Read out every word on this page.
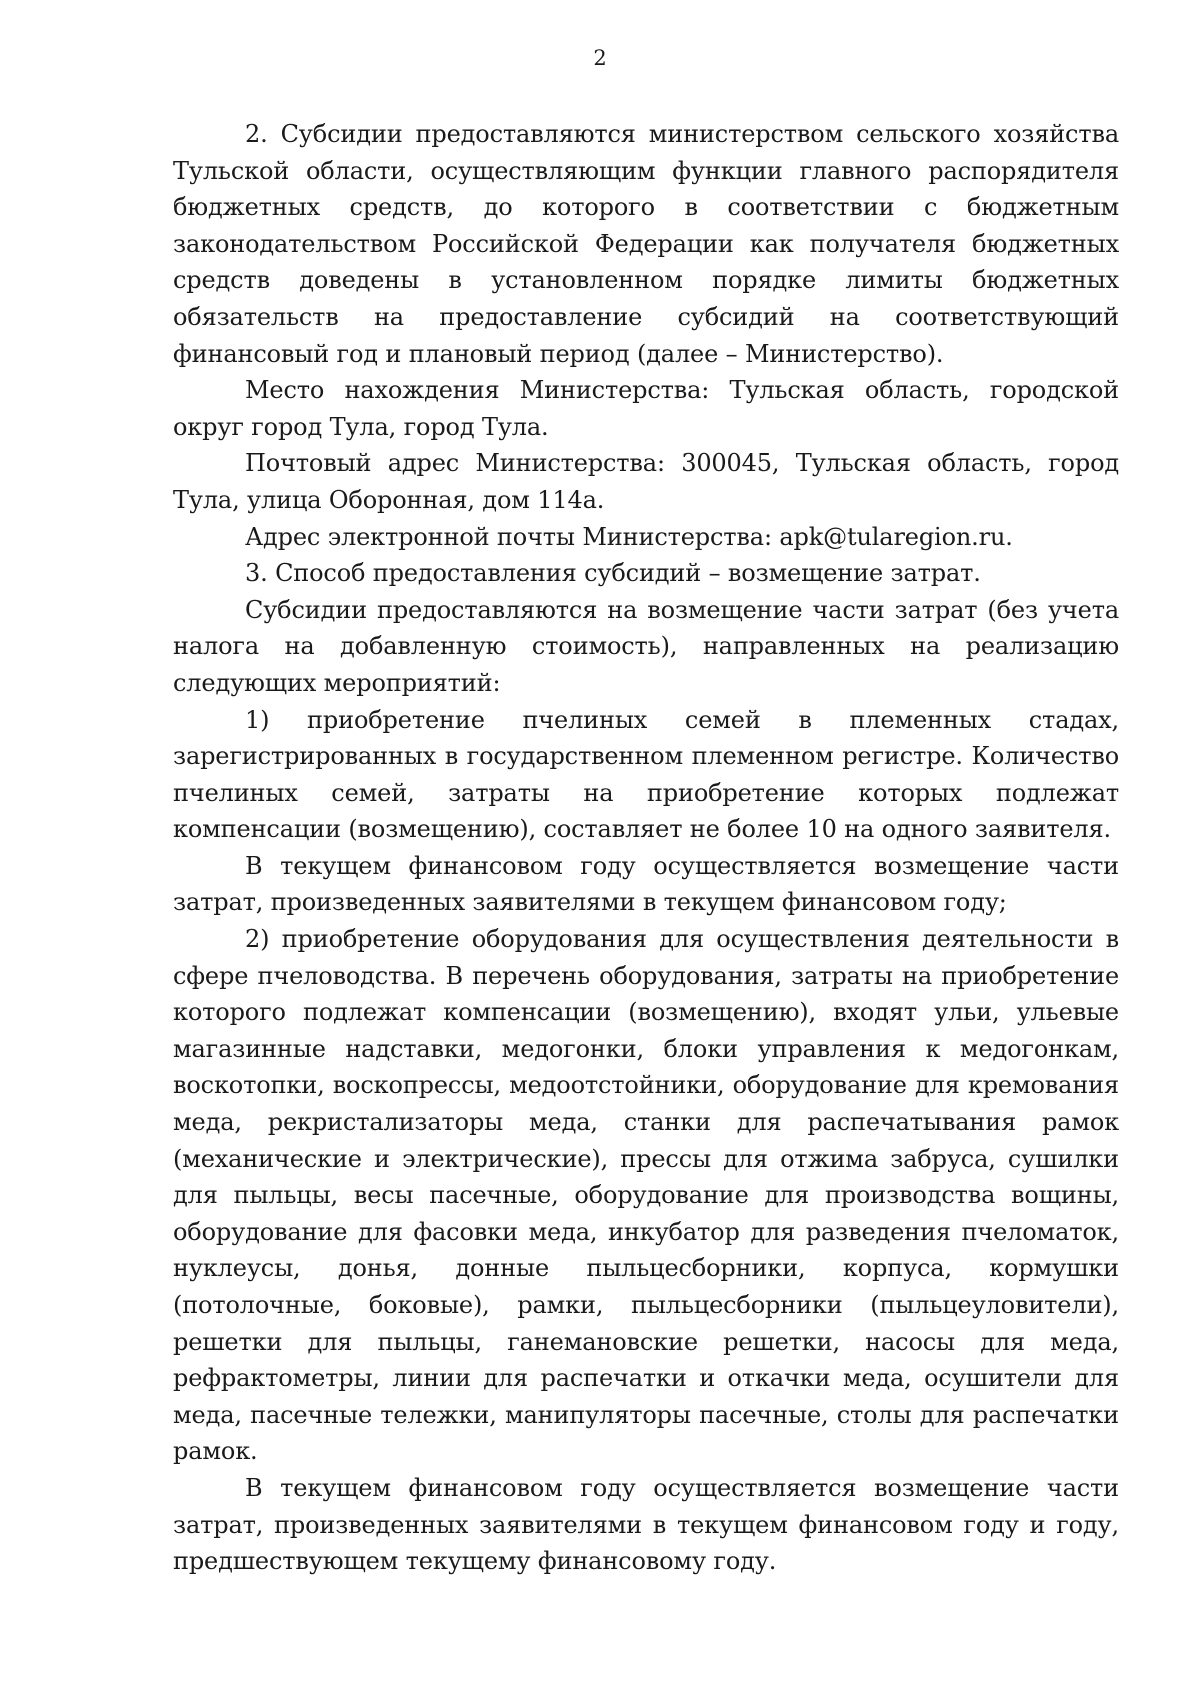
2

2. Субсидии предоставляются министерством сельского хозяйства Тульской области, осуществляющим функции главного распорядителя бюджетных средств, до которого в соответствии с бюджетным законодательством Российской Федерации как получателя бюджетных средств доведены в установленном порядке лимиты бюджетных обязательств на предоставление субсидий на соответствующий финансовый год и плановый период (далее – Министерство).

Место нахождения Министерства: Тульская область, городской округ город Тула, город Тула.

Почтовый адрес Министерства: 300045, Тульская область, город Тула, улица Оборонная, дом 114а.

Адрес электронной почты Министерства: apk@tularegion.ru.

3. Способ предоставления субсидий – возмещение затрат.

Субсидии предоставляются на возмещение части затрат (без учета налога на добавленную стоимость), направленных на реализацию следующих мероприятий:

1) приобретение пчелиных семей в племенных стадах, зарегистрированных в государственном племенном регистре. Количество пчелиных семей, затраты на приобретение которых подлежат компенсации (возмещению), составляет не более 10 на одного заявителя.

В текущем финансовом году осуществляется возмещение части затрат, произведенных заявителями в текущем финансовом году;

2) приобретение оборудования для осуществления деятельности в сфере пчеловодства. В перечень оборудования, затраты на приобретение которого подлежат компенсации (возмещению), входят ульи, ульевые магазинные надставки, медогонки, блоки управления к медогонкам, воскотопки, воскопрессы, медоотстойники, оборудование для кремования меда, рекристализаторы меда, станки для распечатывания рамок (механические и электрические), прессы для отжима забруса, сушилки для пыльцы, весы пасечные, оборудование для производства вощины, оборудование для фасовки меда, инкубатор для разведения пчеломаток, нуклеусы, донья, донные пыльцесборники, корпуса, кормушки (потолочные, боковые), рамки, пыльцесборники (пыльцеуловители), решетки для пыльцы, ганемановские решетки, насосы для меда, рефрактометры, линии для распечатки и откачки меда, осушители для меда, пасечные тележки, манипуляторы пасечные, столы для распечатки рамок.

В текущем финансовом году осуществляется возмещение части затрат, произведенных заявителями в текущем финансовом году и году, предшествующем текущему финансовому году.
